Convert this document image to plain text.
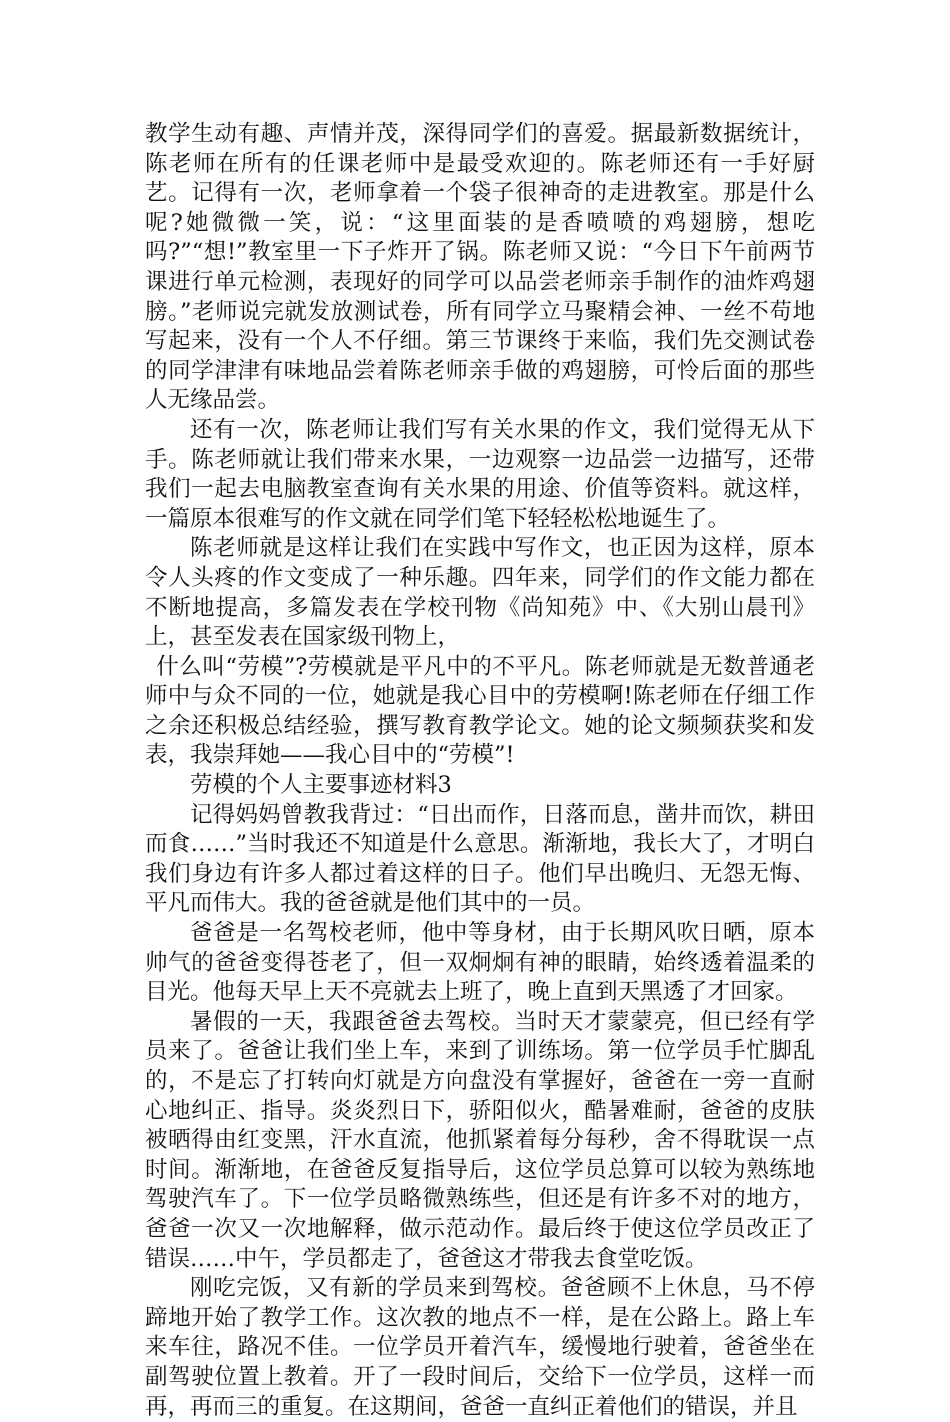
教学生动有趣、声情并茂，深得同学们的喜爱。据最新数据统计，陈老师在所有的任课老师中是最受欢迎的。陈老师还有一手好厨艺。记得有一次，老师拿着一个袋子很神奇的走进教室。那是什么呢?她微微一笑，说：“这里面装的是香喷喷的鸡翅膀，想吃吗?”“想!”教室里一下子炸开了锅。陈老师又说：“今日下午前两节课进行单元检测，表现好的同学可以品尝老师亲手制作的油炸鸡翅膀。”老师说完就发放测试卷，所有同学立马聚精会神、一丝不苟地写起来，没有一个人不仔细。第三节课终于来临，我们先交测试卷的同学津津有味地品尝着陈老师亲手做的鸡翅膀，可怜后面的那些人无缘品尝。

还有一次，陈老师让我们写有关水果的作文，我们觉得无从下手。陈老师就让我们带来水果，一边观察一边品尝一边描写，还带我们一起去电脑教室查询有关水果的用途、价值等资料。就这样，一篇原本很难写的作文就在同学们笔下轻轻松松地诞生了。

陈老师就是这样让我们在实践中写作文，也正因为这样，原本令人头疼的作文变成了一种乐趣。四年来，同学们的作文能力都在不断地提高，多篇发表在学校刊物《尚知苑》中、《大别山晨刊》上，甚至发表在国家级刊物上，

什么叫“劳模”?劳模就是平凡中的不平凡。陈老师就是无数普通老师中与众不同的一位，她就是我心目中的劳模啊!陈老师在仔细工作之余还积极总结经验，撰写教育教学论文。她的论文频频获奖和发表，我崇拜她——我心目中的“劳模”!

劳模的个人主要事迹材料3

记得妈妈曾教我背过：“日出而作，日落而息，凿井而饮，耕田而食……”当时我还不知道是什么意思。渐渐地，我长大了，才明白我们身边有许多人都过着这样的日子。他们早出晚归、无怨无悔、平凡而伟大。我的爸爸就是他们其中的一员。

爸爸是一名驾校老师，他中等身材，由于长期风吹日晒，原本帅气的爸爸变得苍老了，但一双炯炯有神的眼睛，始终透着温柔的目光。他每天早上天不亮就去上班了，晚上直到天黑透了才回家。

暑假的一天，我跟爸爸去驾校。当时天才蒙蒙亮，但已经有学员来了。爸爸让我们坐上车，来到了训练场。第一位学员手忙脚乱的，不是忘了打转向灯就是方向盘没有掌握好，爸爸在一旁一直耐心地纠正、指导。炎炎烈日下，骄阳似火，酷暑难耐，爸爸的皮肤被晒得由红变黑，汗水直流，他抓紧着每分每秒，舍不得耽误一点时间。渐渐地，在爸爸反复指导后，这位学员总算可以较为熟练地驾驶汽车了。下一位学员略微熟练些，但还是有许多不对的地方，爸爸一次又一次地解释，做示范动作。最后终于使这位学员改正了错误……中午，学员都走了，爸爸这才带我去食堂吃饭。

刚吃完饭，又有新的学员来到驾校。爸爸顾不上休息，马不停蹄地开始了教学工作。这次教的地点不一样，是在公路上。路上车来车往，路况不佳。一位学员开着汽车，缓慢地行驶着，爸爸坐在副驾驶位置上教着。开了一段时间后，交给下一位学员，这样一而再，再而三的重复。在这期间，爸爸一直纠正着他们的错误，并且
